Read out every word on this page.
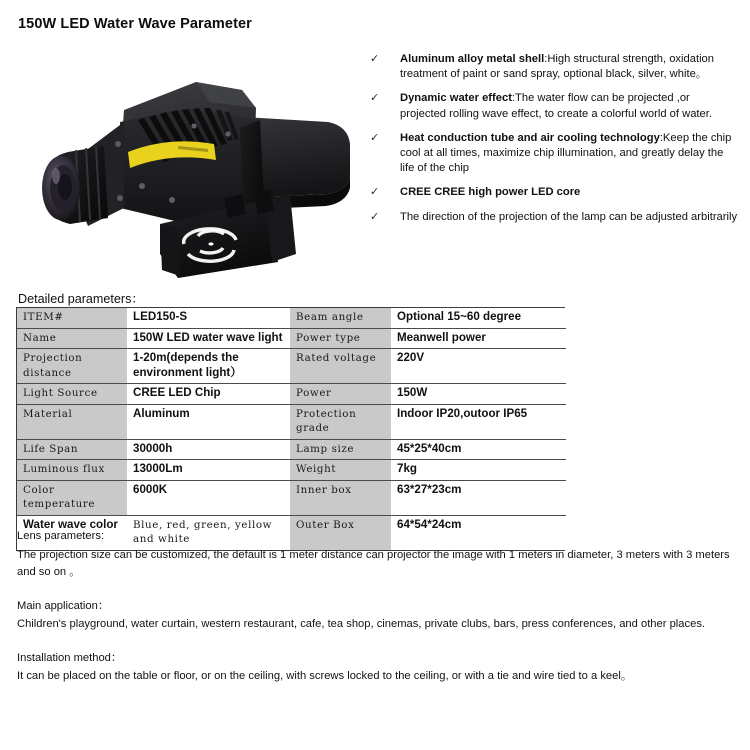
150W LED Water Wave Parameter
✓	Aluminum alloy metal shell:High structural strength, oxidation treatment of paint or sand spray, optional black, silver, white。
✓	Dynamic water effect:The water flow can be projected ,or projected rolling wave effect, to create a colorful world of water.
✓	Heat conduction tube and air cooling technology:Keep the chip cool at all times, maximize chip illumination, and greatly delay the life of the chip
✓	CREE CREE high power LED core
✓	The direction of the projection of the lamp can be adjusted arbitrarily
Detailed parameters：
ITEM#	LED150-S	Beam angle	Optional 15~60 degree
Name	150W LED water wave light	Power type	Meanwell power
Projection distance	1-20m(depends the environment light）	Rated voltage	220V
Light Source	CREE LED Chip	Power	150W
Material	Aluminum	Protection grade	Indoor IP20,outoor IP65
Life Span	30000h	Lamp size	45*25*40cm
Luminous flux	13000Lm	Weight	7kg
Color temperature	6000K	Inner box	63*27*23cm
Water wave color	Blue, red, green, yellow and white	Outer Box	64*54*24cm

Lens parameters:

The projection size can be customized, the default is 1 meter distance can projector the image with 1 meters in diameter, 3 meters with 3 meters and so on 。

Main application：

Children's playground, water curtain, western restaurant, cafe, tea shop, cinemas, private clubs, bars, press conferences, and other places.

Installation method：

It can be placed on the table or floor, or on the ceiling, with screws locked to the ceiling, or with a tie and wire tied to a keel。
